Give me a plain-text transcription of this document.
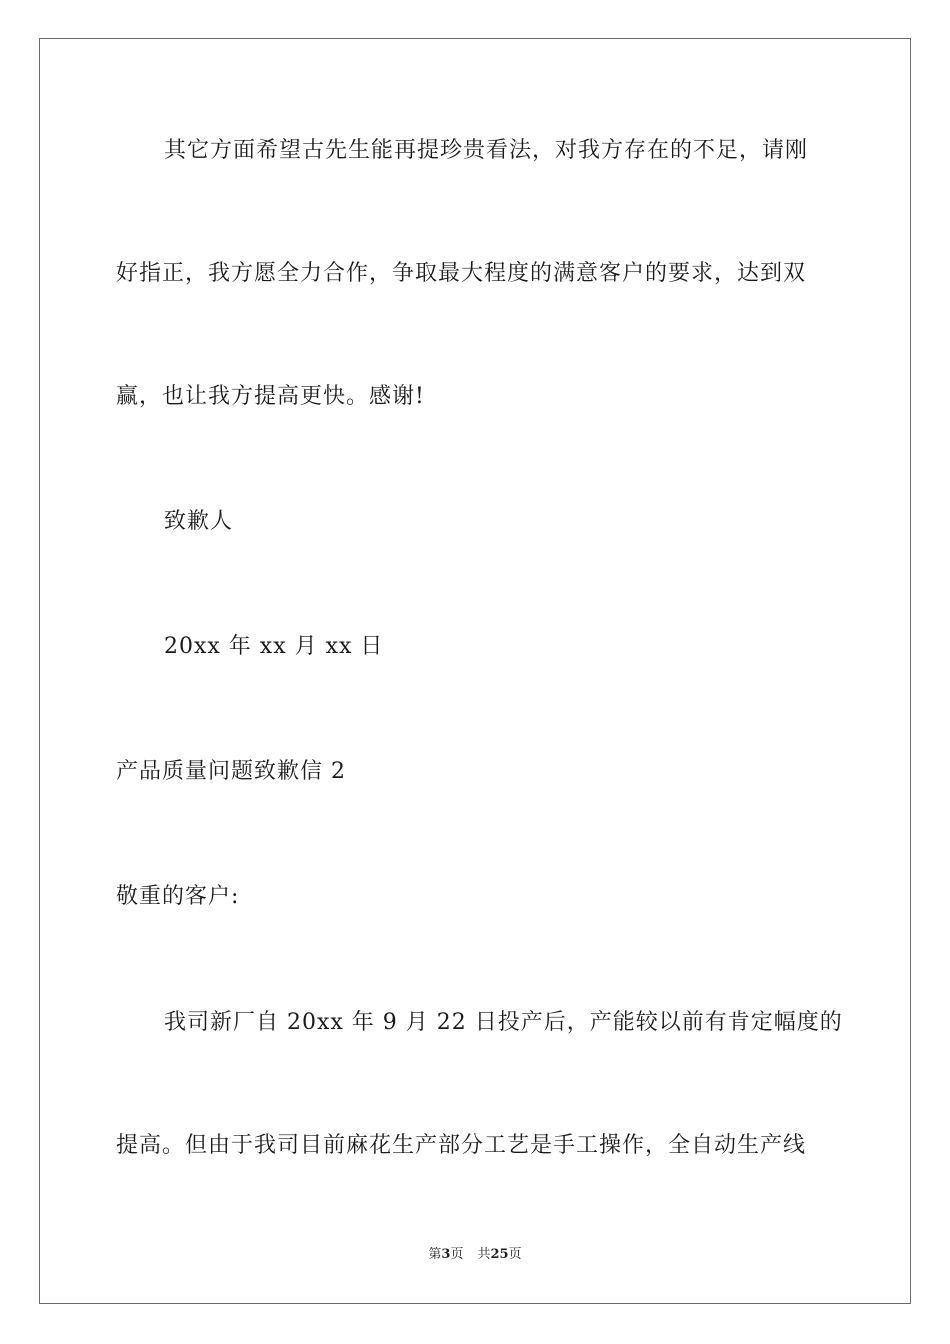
其它方面希望古先生能再提珍贵看法，对我方存在的不足，请刚
好指正，我方愿全力合作，争取最大程度的满意客户的要求，达到双
赢，也让我方提高更快。感谢!
致歉人
20xx 年 xx 月 xx 日
产品质量问题致歉信 2
敬重的客户:
我司新厂自 20xx 年 9 月 22 日投产后，产能较以前有肯定幅度的
提高。但由于我司目前麻花生产部分工艺是手工操作，全自动生产线
第3页 共25页
